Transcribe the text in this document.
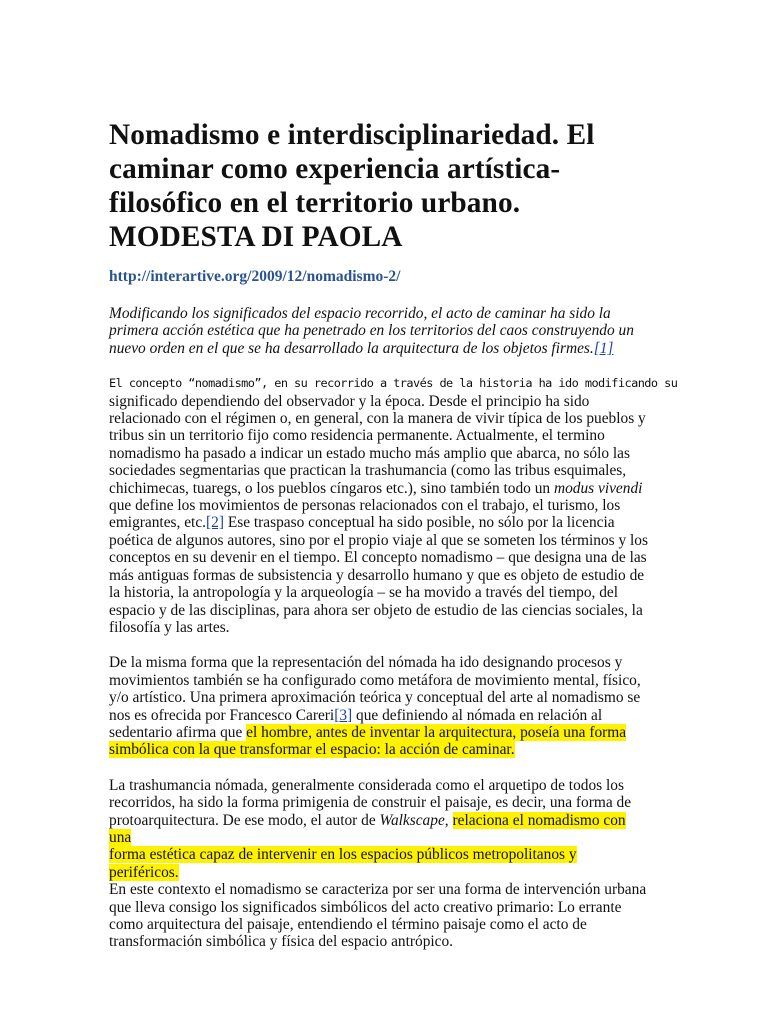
Nomadismo e interdisciplinariedad. El
caminar como experiencia artística-
filosófico en el territorio urbano.
MODESTA DI PAOLA
http://interartive.org/2009/12/nomadismo-2/

Modificando los significados del espacio recorrido, el acto de caminar ha sido la
primera acción estética que ha penetrado en los territorios del caos construyendo un
nuevo orden en el que se ha desarrollado la arquitectura de los objetos firmes.[1]

El concepto “nomadismo”, en su recorrido a través de la historia ha ido modificando su
significado dependiendo del observador y la época. Desde el principio ha sido
relacionado con el régimen o, en general, con la manera de vivir típica de los pueblos y
tribus sin un territorio fijo como residencia permanente. Actualmente, el termino
nomadismo ha pasado a indicar un estado mucho más amplio que abarca, no sólo las
sociedades segmentarias que practican la trashumancia (como las tribus esquimales,
chichimecas, tuaregs, o los pueblos cíngaros etc.), sino también todo un modus vivendi
que define los movimientos de personas relacionados con el trabajo, el turismo, los
emigrantes, etc.[2] Ese traspaso conceptual ha sido posible, no sólo por la licencia
poética de algunos autores, sino por el propio viaje al que se someten los términos y los
conceptos en su devenir en el tiempo. El concepto nomadismo – que designa una de las
más antiguas formas de subsistencia y desarrollo humano y que es objeto de estudio de
la historia, la antropología y la arqueología – se ha movido a través del tiempo, del
espacio y de las disciplinas, para ahora ser objeto de estudio de las ciencias sociales, la
filosofía y las artes.

De la misma forma que la representación del nómada ha ido designando procesos y
movimientos también se ha configurado como metáfora de movimiento mental, físico,
y/o artístico. Una primera aproximación teórica y conceptual del arte al nomadismo se
nos es ofrecida por Francesco Careri[3] que definiendo al nómada en relación al
sedentario afirma que el hombre, antes de inventar la arquitectura, poseía una forma
simbólica con la que transformar el espacio: la acción de caminar.

La trashumancia nómada, generalmente considerada como el arquetipo de todos los
recorridos, ha sido la forma primigenia de construir el paisaje, es decir, una forma de
protoarquitectura. De ese modo, el autor de Walkscape, relaciona el nomadismo con una
forma estética capaz de intervenir en los espacios públicos metropolitanos y periféricos.
En este contexto el nomadismo se caracteriza por ser una forma de intervención urbana
que lleva consigo los significados simbólicos del acto creativo primario: Lo errante
como arquitectura del paisaje, entendiendo el término paisaje como el acto de
transformación simbólica y física del espacio antrópico.
